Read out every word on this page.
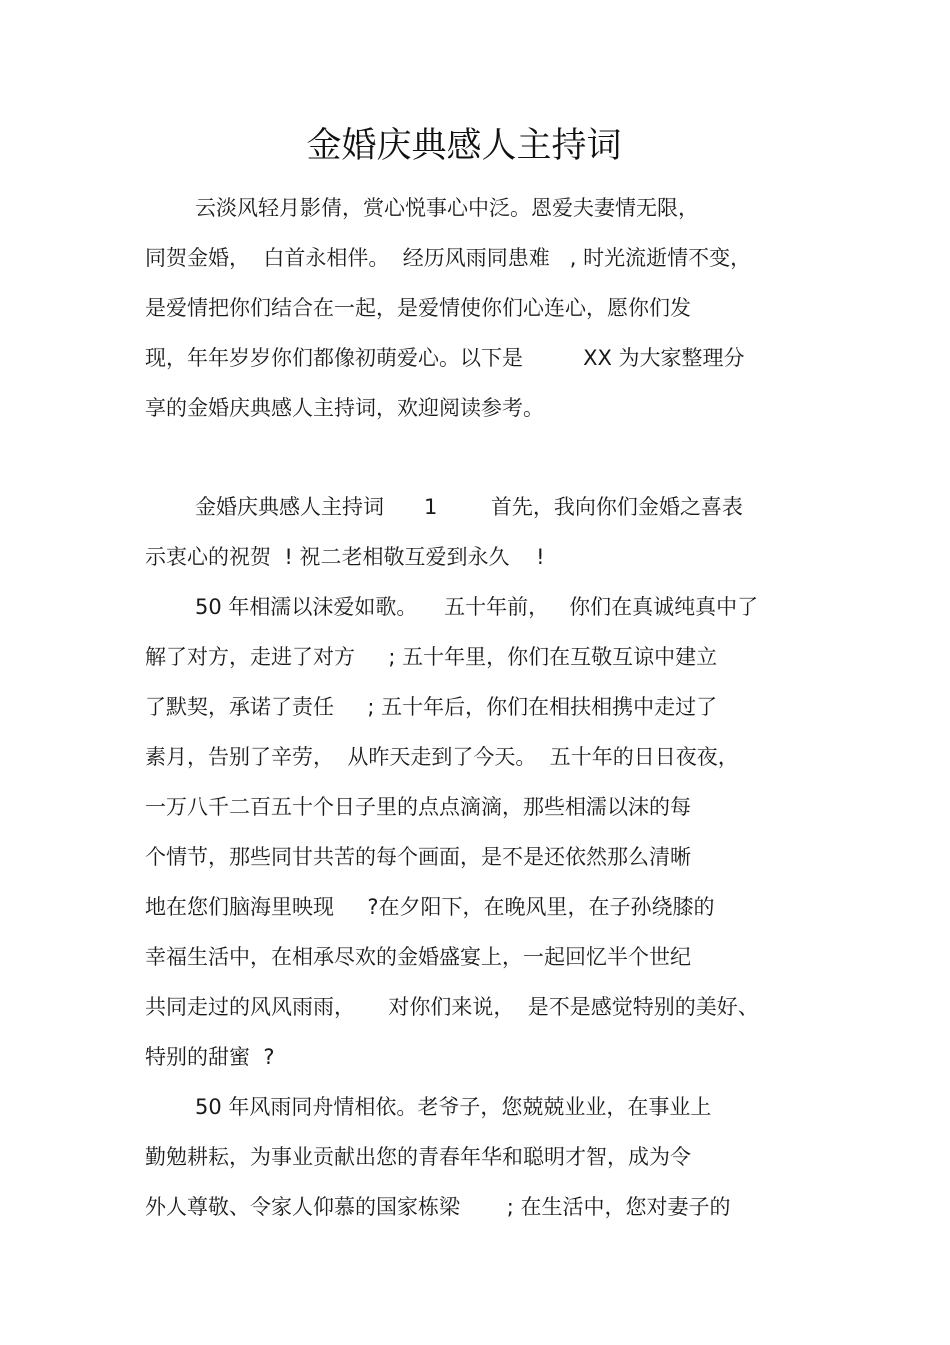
金婚庆典感人主持词
云淡风轻月影倩，赏心悦事心中泛。恩爱夫妻情无限，
同贺金婚，  白首永相伴。  经历风雨同患难   , 时光流逝情不变，
是爱情把你们结合在一起，是爱情使你们心连心，愿你们发
现，年年岁岁你们都像初萌爱心。以下是         XX 为大家整理分
享的金婚庆典感人主持词，欢迎阅读参考。
金婚庆典感人主持词      1        首先，我向你们金婚之喜表
示衷心的祝贺  ! 祝二老相敬互爱到永久    !
50 年相濡以沫爱如歌。    五十年前，   你们在真诚纯真中了
解了对方，走进了对方     ; 五十年里，你们在互敬互谅中建立
了默契，承诺了责任     ; 五十年后，你们在相扶相携中走过了
素月，告别了辛劳，  从昨天走到了今天。  五十年的日日夜夜，
一万八千二百五十个日子里的点点滴滴，那些相濡以沫的每
个情节，那些同甘共苦的每个画面，是不是还依然那么清晰
地在您们脑海里映现     ?在夕阳下，在晚风里，在子孙绕膝的
幸福生活中，在相承尽欢的金婚盛宴上，一起回忆半个世纪
共同走过的风风雨雨，     对你们来说，  是不是感觉特别的美好、
特别的甜蜜  ?
50 年风雨同舟情相依。老爷子，您兢兢业业，在事业上
勤勉耕耘，为事业贡献出您的青春年华和聪明才智，成为令
外人尊敬、令家人仰慕的国家栋梁       ; 在生活中，您对妻子的
